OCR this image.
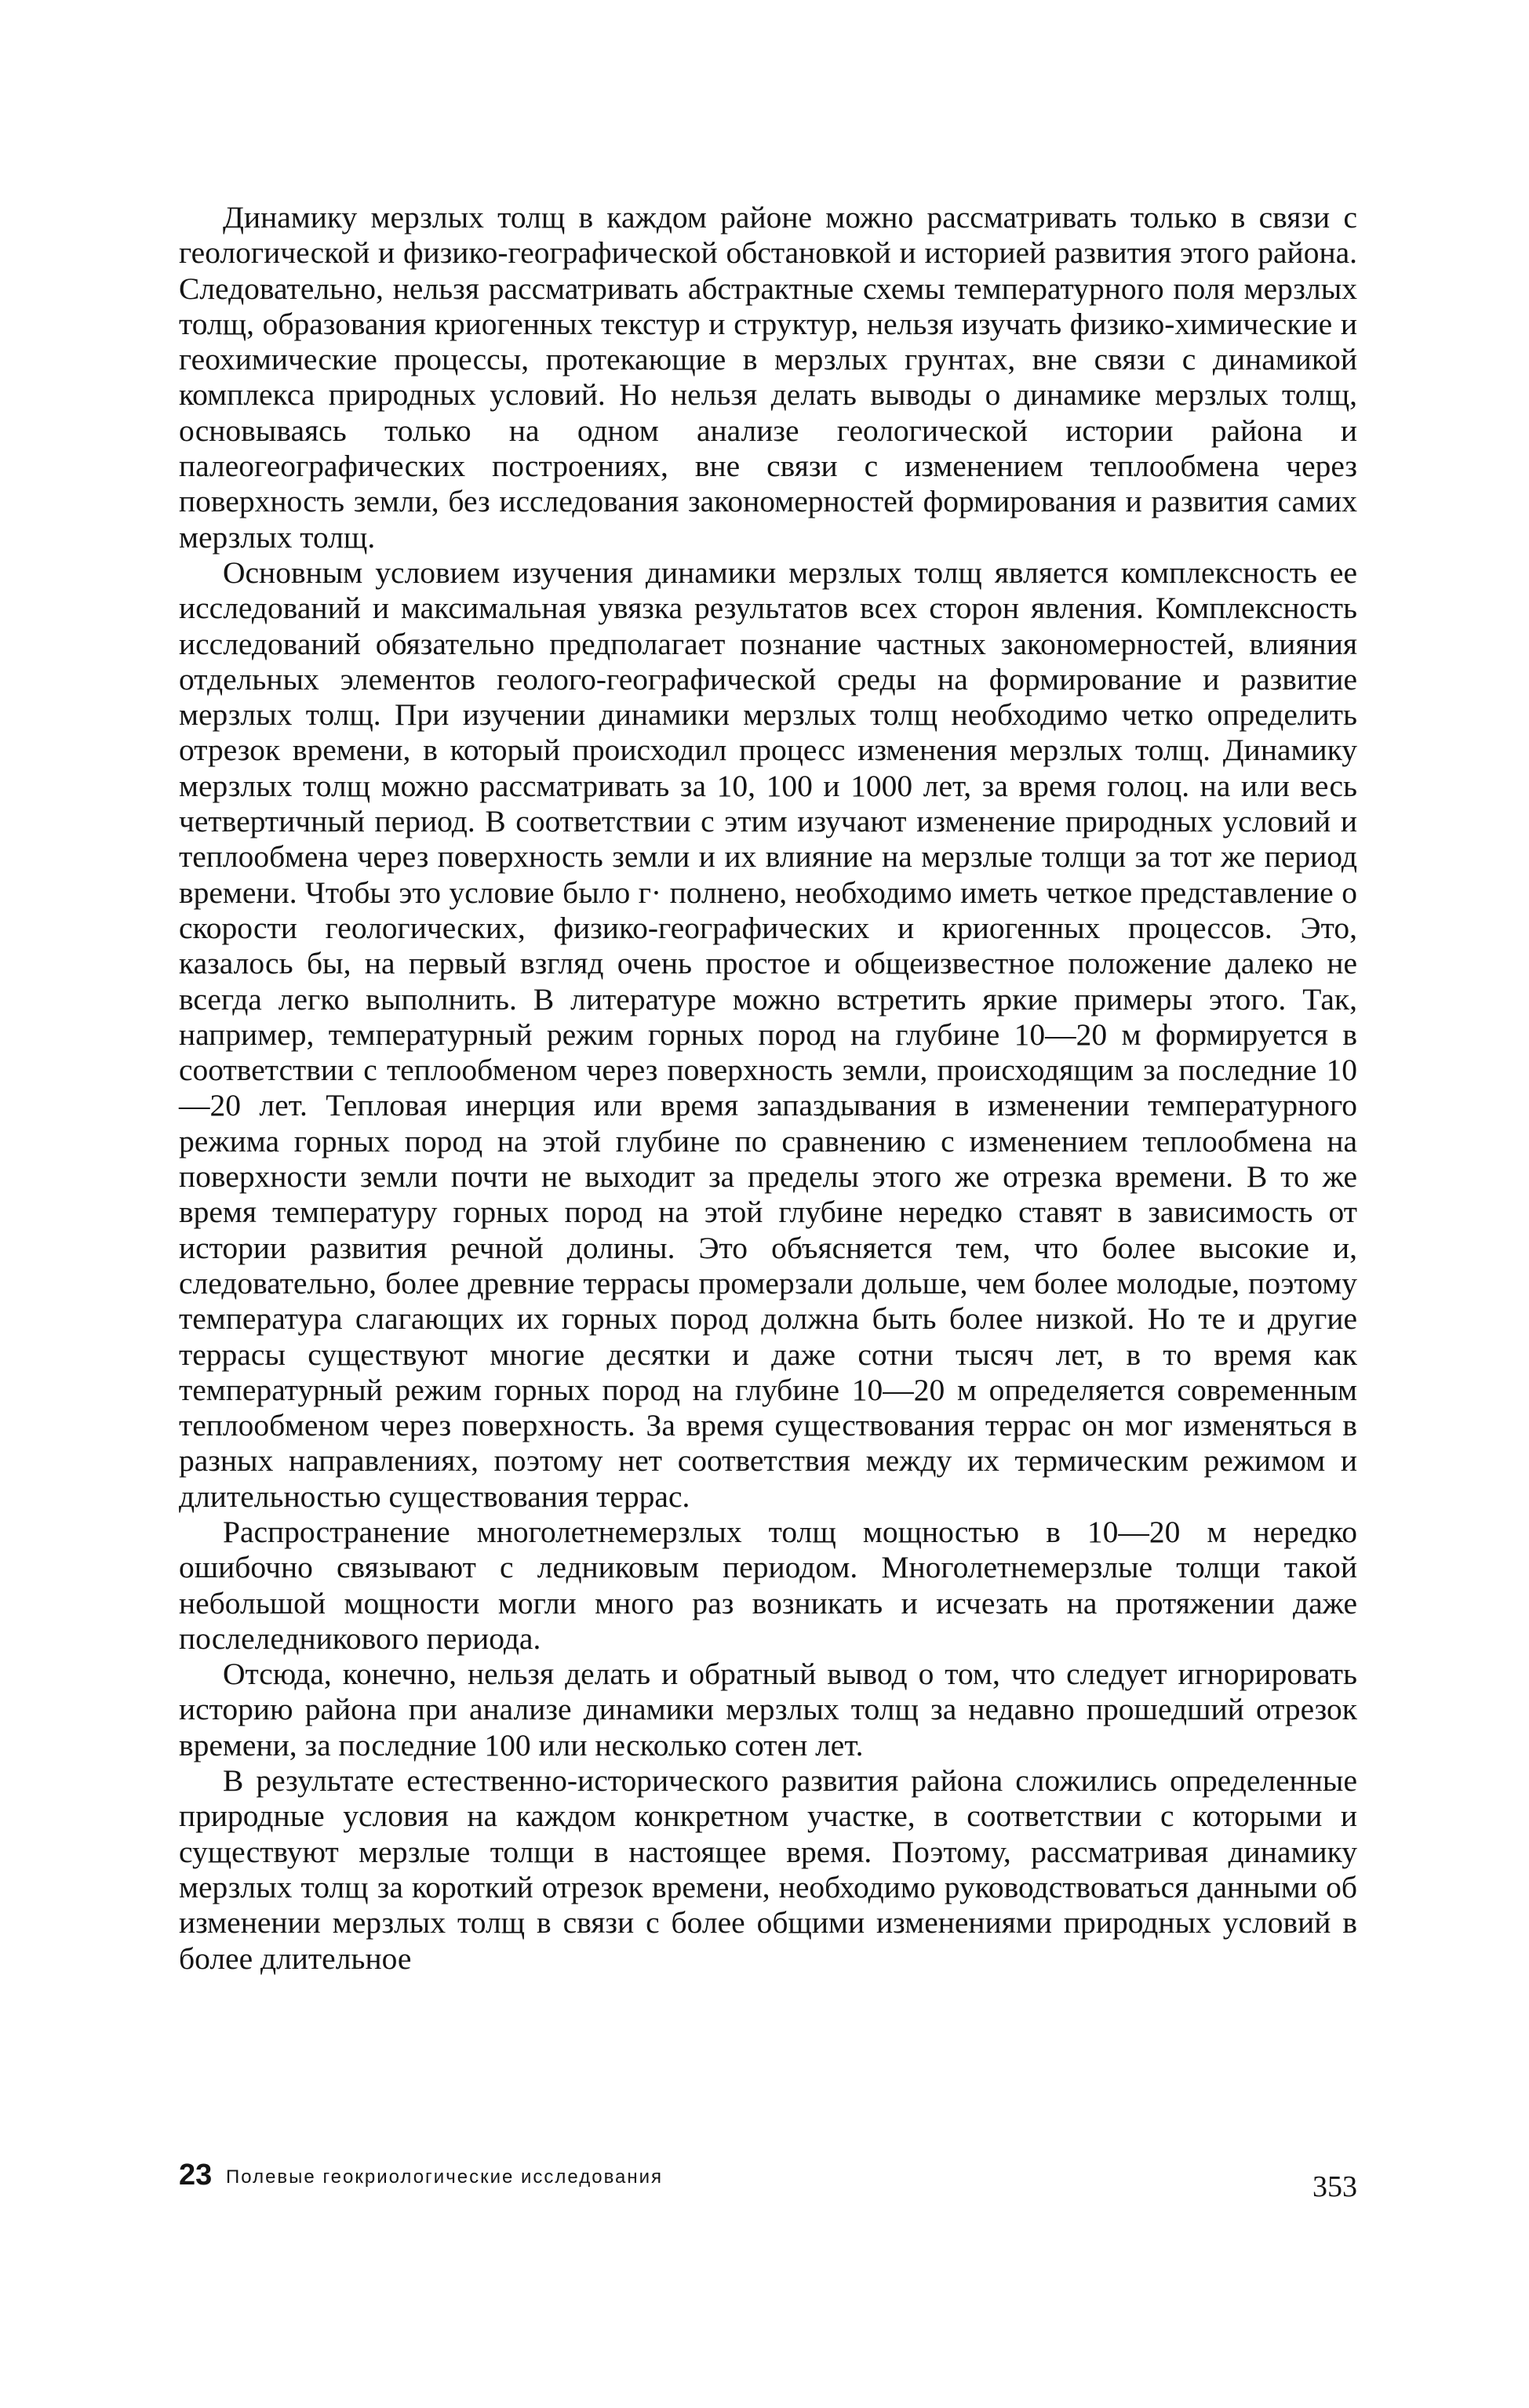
Динамику мерзлых толщ в каждом районе можно рассматривать только в связи с геологической и физико-географической обстановкой и историей развития этого района. Следовательно, нельзя рассматривать абстрактные схемы температурного поля мерзлых толщ, образования криогенных текстур и структур, нельзя изучать физико-химические и геохимические процессы, протекающие в мерзлых грунтах, вне связи с динамикой комплекса природных условий. Но нельзя делать выводы о динамике мерзлых толщ, основываясь только на одном анализе геологической истории района и палеогеографических построениях, вне связи с изменением теплообмена через поверхность земли, без исследования закономерностей формирования и развития самих мерзлых толщ.

Основным условием изучения динамики мерзлых толщ является комплексность ее исследований и максимальная увязка результатов всех сторон явления. Комплексность исследований обязательно предполагает познание частных закономерностей, влияния отдельных элементов геолого-географической среды на формирование и развитие мерзлых толщ. При изучении динамики мерзлых толщ необходимо четко определить отрезок времени, в который происходил процесс изменения мерзлых толщ. Динамику мерзлых толщ можно рассматривать за 10, 100 и 1000 лет, за время голоц. на или весь четвертичный период. В соответствии с этим изучают изменение природных условий и теплообмена через поверхность земли и их влияние на мерзлые толщи за тот же период времени. Чтобы это условие было г· полнено, необходимо иметь четкое представление о скорости геологических, физико-географических и криогенных процессов. Это, казалось бы, на первый взгляд очень простое и общеизвестное положение далеко не всегда легко выполнить. В литературе можно встретить яркие примеры этого. Так, например, температурный режим горных пород на глубине 10—20 м формируется в соответствии с теплообменом через поверхность земли, происходящим за последние 10—20 лет. Тепловая инерция или время запаздывания в изменении температурного режима горных пород на этой глубине по сравнению с изменением теплообмена на поверхности земли почти не выходит за пределы этого же отрезка времени. В то же время температуру горных пород на этой глубине нередко ставят в зависимость от истории развития речной долины. Это объясняется тем, что более высокие и, следовательно, более древние террасы промерзали дольше, чем более молодые, поэтому температура слагающих их горных пород должна быть более низкой. Но те и другие террасы существуют многие десятки и даже сотни тысяч лет, в то время как температурный режим горных пород на глубине 10—20 м определяется современным теплообменом через поверхность. За время существования террас он мог изменяться в разных направлениях, поэтому нет соответствия между их термическим режимом и длительностью существования террас.

Распространение многолетнемерзлых толщ мощностью в 10—20 м нередко ошибочно связывают с ледниковым периодом. Многолетнемерзлые толщи такой небольшой мощности могли много раз возникать и исчезать на протяжении даже послеледникового периода.

Отсюда, конечно, нельзя делать и обратный вывод о том, что следует игнорировать историю района при анализе динамики мерзлых толщ за недавно прошедший отрезок времени, за последние 100 или несколько сотен лет.

В результате естественно-исторического развития района сложились определенные природные условия на каждом конкретном участке, в соответствии с которыми и существуют мерзлые толщи в настоящее время. Поэтому, рассматривая динамику мерзлых толщ за короткий отрезок времени, необходимо руководствоваться данными об изменении мерзлых толщ в связи с более общими изменениями природных условий в более длительное

23 Полевые геокриологические исследования	353
